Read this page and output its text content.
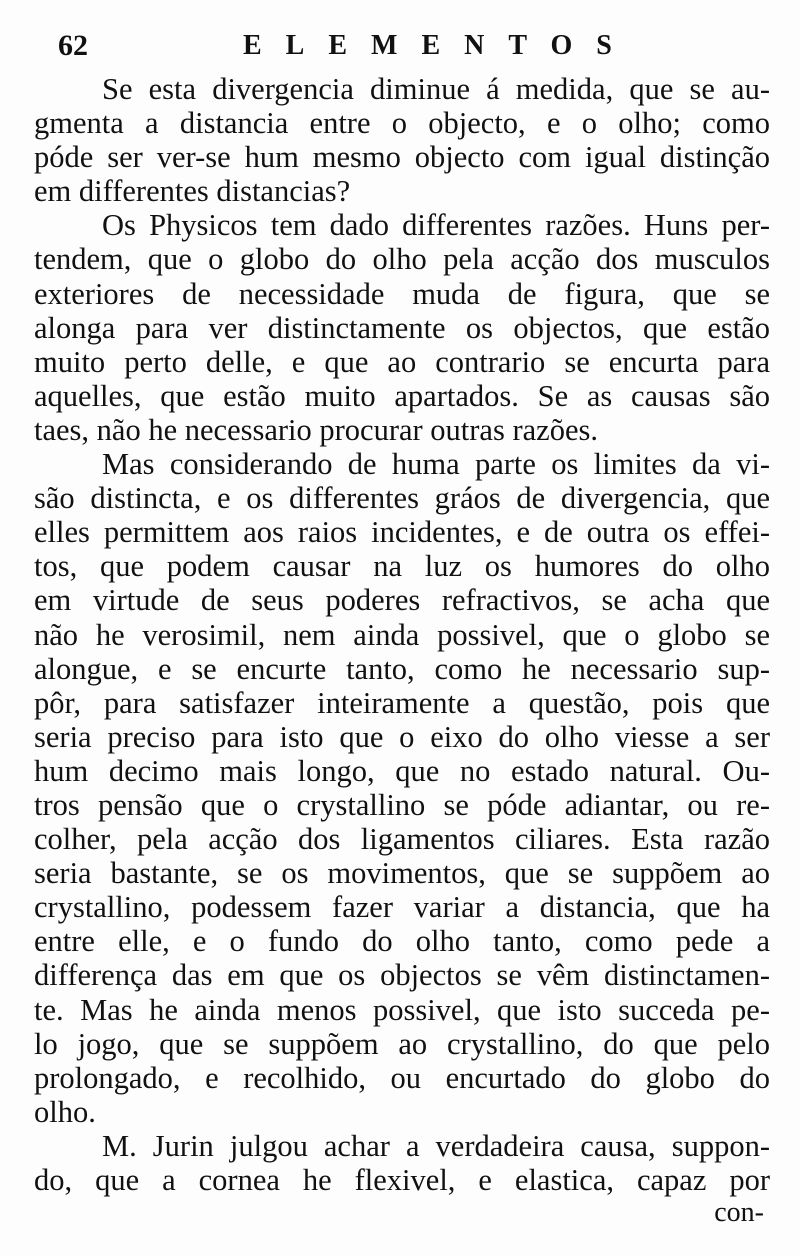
62	ELEMENTOS
Se esta divergencia diminue á medida, que se au-
gmenta a distancia entre o objecto, e o olho; como
póde ser ver-se hum mesmo objecto com igual distinção
em differentes distancias?
Os Physicos tem dado differentes razões. Huns per-
tendem, que o globo do olho pela acção dos musculos
exteriores de necessidade muda de figura, que se
alonga para ver distinctamente os objectos, que estão
muito perto delle, e que ao contrario se encurta para
aquelles, que estão muito apartados. Se as causas são
taes, não he necessario procurar outras razões.
Mas considerando de huma parte os limites da vi-
são distincta, e os differentes gráos de divergencia, que
elles permittem aos raios incidentes, e de outra os effei-
tos, que podem causar na luz os humores do olho
em virtude de seus poderes refractivos, se acha que
não he verosimil, nem ainda possivel, que o globo se
alongue, e se encurte tanto, como he necessario sup-
pôr, para satisfazer inteiramente a questão, pois que
seria preciso para isto que o eixo do olho viesse a ser
hum decimo mais longo, que no estado natural. Ou-
tros pensão que o crystallino se póde adiantar, ou re-
colher, pela acção dos ligamentos ciliares. Esta razão
seria bastante, se os movimentos, que se suppõem ao
crystallino, podessem fazer variar a distancia, que ha
entre elle, e o fundo do olho tanto, como pede a
differença das em que os objectos se vêm distinctamen-
te. Mas he ainda menos possivel, que isto succeda pe-
lo jogo, que se suppõem ao crystallino, do que pelo
prolongado, e recolhido, ou encurtado do globo do
olho.
M. Jurin julgou achar a verdadeira causa, suppon-
do, que a cornea he flexivel, e elastica, capaz por
con-
